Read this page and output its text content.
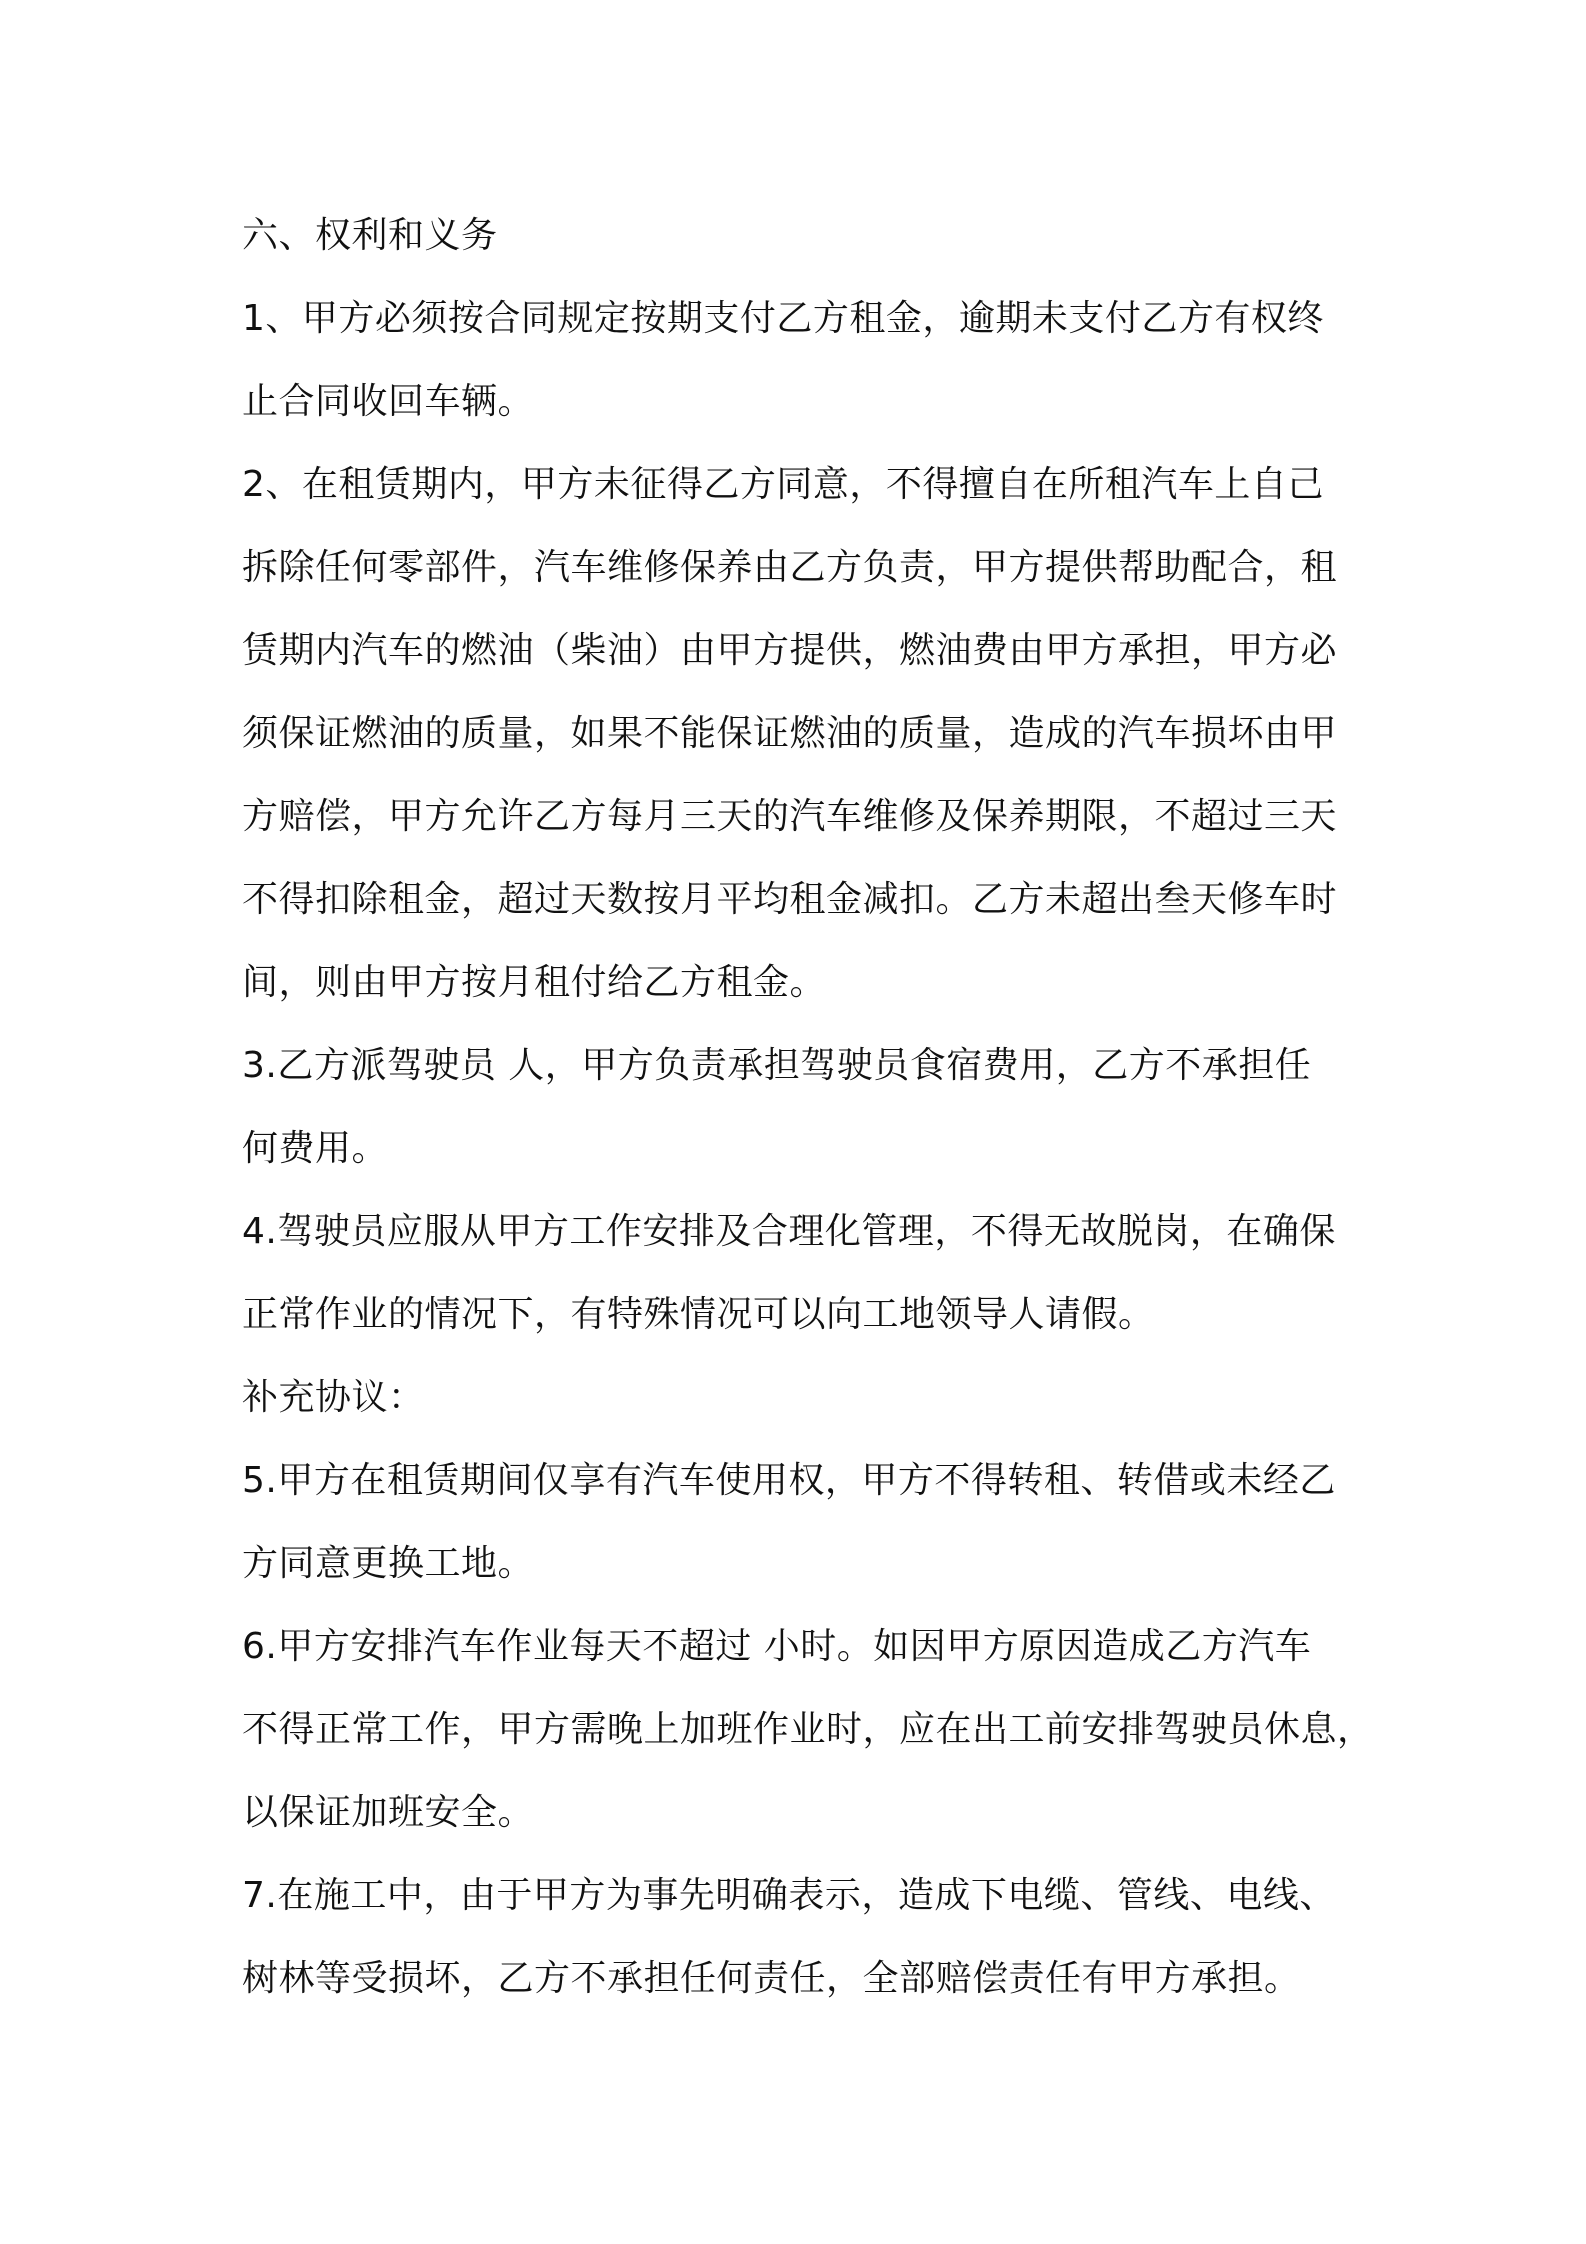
六、权利和义务
1、甲方必须按合同规定按期支付乙方租金，逾期未支付乙方有权终
止合同收回车辆。
2、在租赁期内，甲方未征得乙方同意，不得擅自在所租汽车上自己
拆除任何零部件，汽车维修保养由乙方负责，甲方提供帮助配合，租
赁期内汽车的燃油（柴油）由甲方提供，燃油费由甲方承担，甲方必
须保证燃油的质量，如果不能保证燃油的质量，造成的汽车损坏由甲
方赔偿，甲方允许乙方每月三天的汽车维修及保养期限，不超过三天
不得扣除租金，超过天数按月平均租金减扣。乙方未超出叁天修车时
间，则由甲方按月租付给乙方租金。
3.乙方派驾驶员 人，甲方负责承担驾驶员食宿费用，乙方不承担任
何费用。
4.驾驶员应服从甲方工作安排及合理化管理，不得无故脱岗，在确保
正常作业的情况下，有特殊情况可以向工地领导人请假。
补充协议：
5.甲方在租赁期间仅享有汽车使用权，甲方不得转租、转借或未经乙
方同意更换工地。
6.甲方安排汽车作业每天不超过 小时。如因甲方原因造成乙方汽车
不得正常工作，甲方需晚上加班作业时，应在出工前安排驾驶员休息，
以保证加班安全。
7.在施工中，由于甲方为事先明确表示，造成下电缆、管线、电线、
树林等受损坏，乙方不承担任何责任，全部赔偿责任有甲方承担。
